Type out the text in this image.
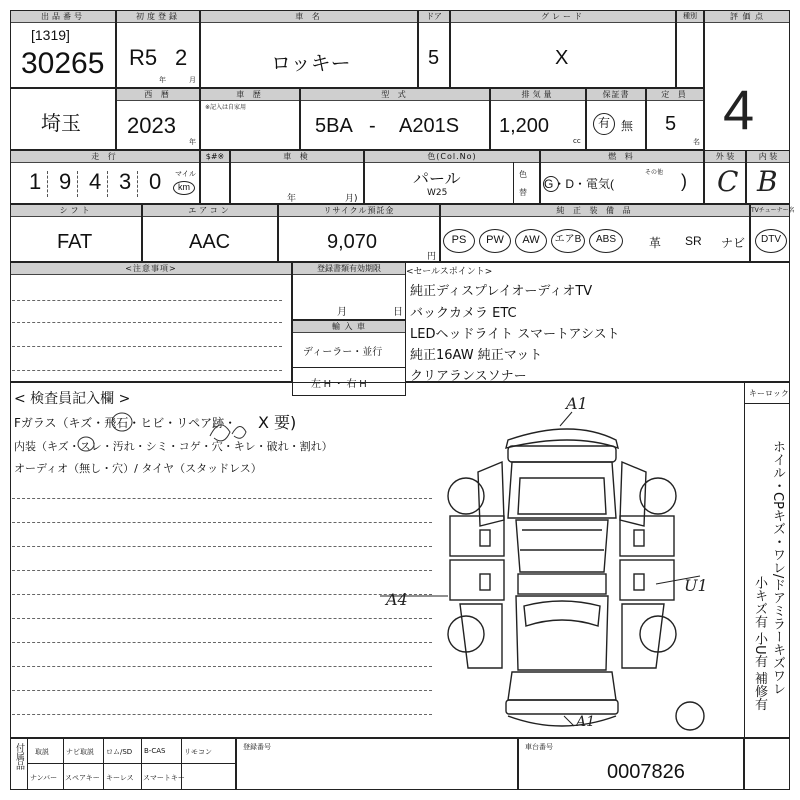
出品番号
[1319]
30265
初度登録
R5 2
年	月
車 名
ロッキー
ドア
5
グレード
X
種別	評 価 点
4
埼玉
西 暦
2023
年
車 歴
※記入は自家用
型 式
5BA - A201S
排気量
1,200
cc
保証書
有 無
定 員
5
名
走 行
1 9 4 3 0 マイル
km
$#※	車 検
年	月)
色(Col.No)
パール
W25
色
替
燃 料
G・D・電気(
その他 )
外 装
C
内 装
B
シフト
FAT
エアコン
AAC
リサイクル預託金
9,070
円
純 正 装 備 品
PS	PW	AW	エアB	ABS	革 SR ナビ
TVチューナー名
DTV
<注意事項>	登録書類有効期限
月	日
輸 入 車
ディーラー・並行
左 H ・ 右 H
<セールスポイント>
純正ディスプレイオーディオTV
バックカメラ ETC
LEDヘッドライト スマートアシスト
純正16AW 純正マット
クリアランスソナー
< 検査員記入欄 >
Fガラス（キズ・飛石・ヒビ・リペア跡・ X 要)
内装（キズ・スレ・汚れ・シミ・コゲ・穴・キレ・破れ・割れ）
オーディオ（無し・穴）/ タイヤ（スタッドレス）
キーロック
ホイル・CPキズ・ワレ/ドアミラーキズワレ
小キズ有 小U有 補修有
A1
A4
U1
A1
付属品 取説 ナビ取説 ロム/SD B-CAS	リモコン
ナンバー スペアキー キーレス スマートキー
登録番号	車台番号
0007826
